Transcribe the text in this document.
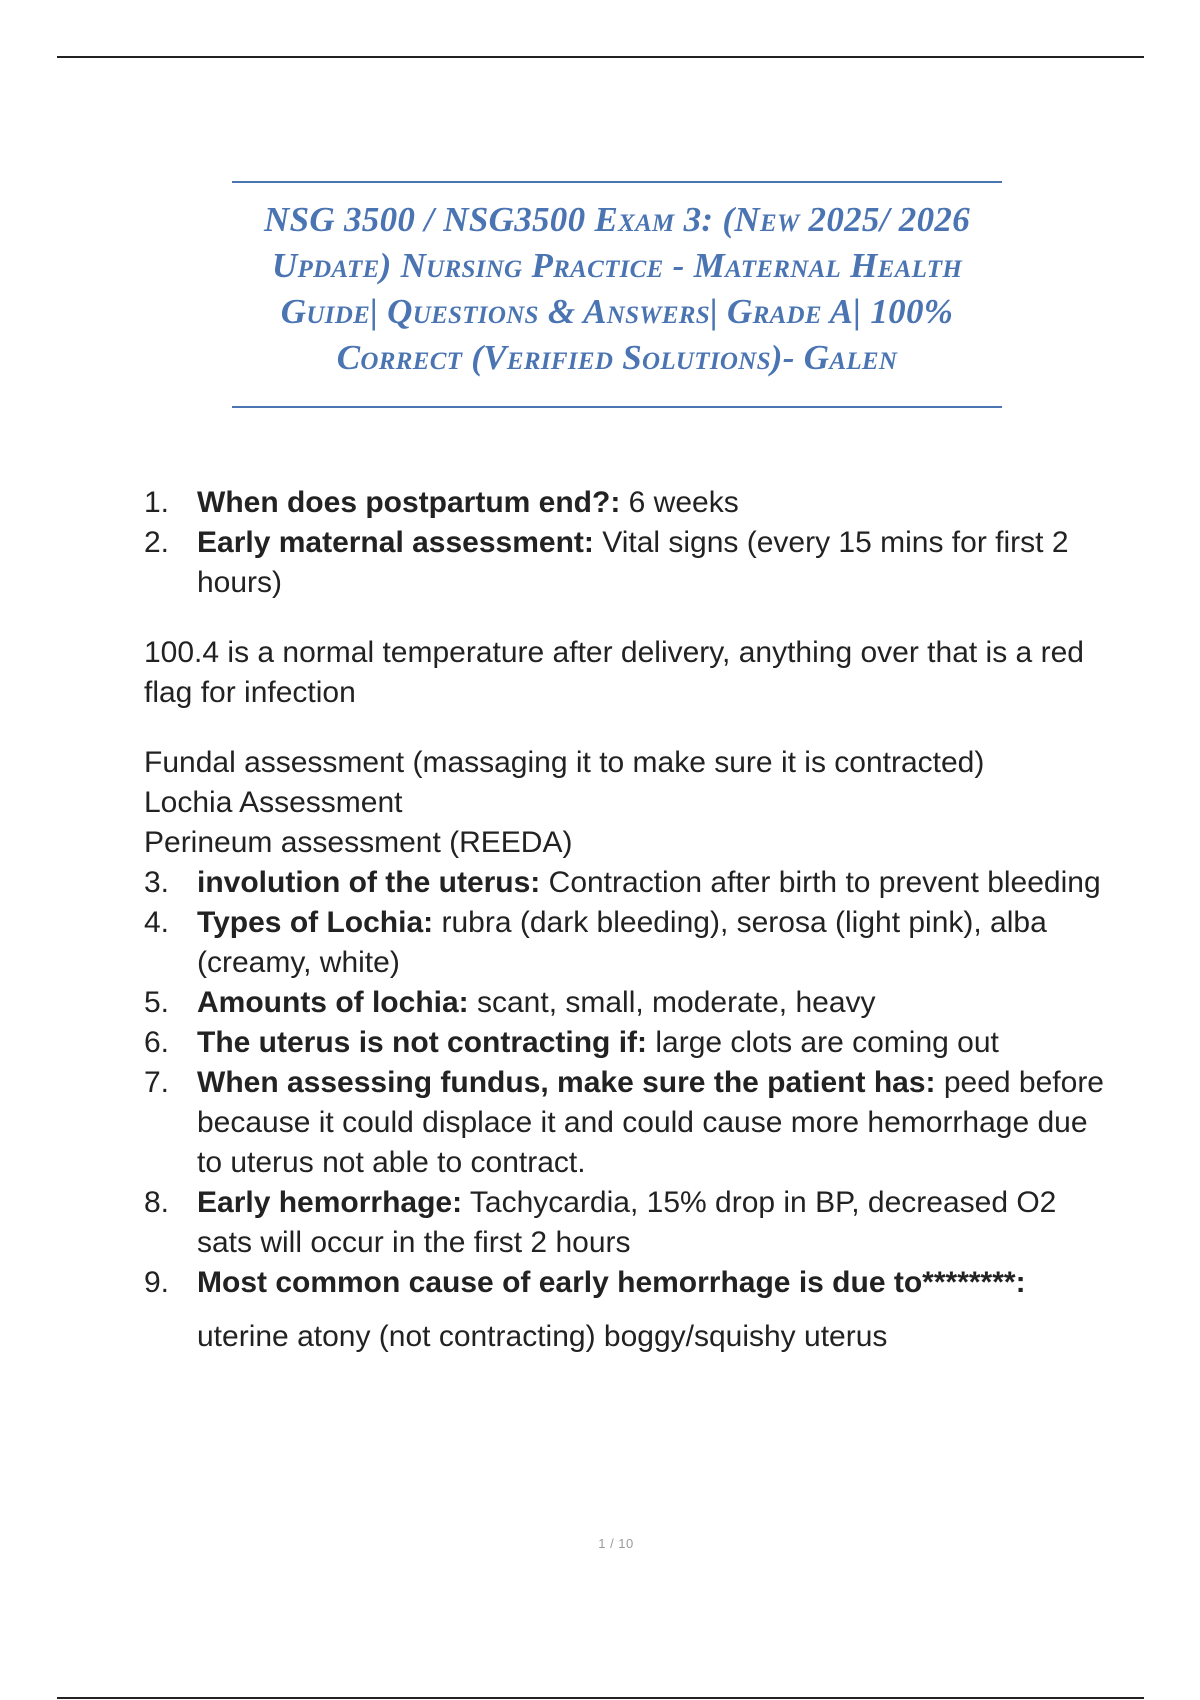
NSG 3500 / NSG3500 Exam 3: (New 2025/ 2026 Update) Nursing Practice - Maternal Health Guide| Questions & Answers| Grade A| 100% Correct (Verified Solutions)- Galen
1. When does postpartum end?: 6 weeks
2. Early maternal assessment: Vital signs (every 15 mins for first 2 hours)

100.4 is a normal temperature after delivery, anything over that is a red flag for infection

Fundal assessment (massaging it to make sure it is contracted)

Lochia Assessment

Perineum assessment (REEDA)

3. involution of the uterus: Contraction after birth to prevent bleeding
4. Types of Lochia: rubra (dark bleeding), serosa (light pink), alba (creamy, white)
5. Amounts of lochia: scant, small, moderate, heavy
6. The uterus is not contracting if: large clots are coming out
7. When assessing fundus, make sure the patient has: peed before because it could displace it and could cause more hemorrhage due to uterus not able to contract.
8. Early hemorrhage: Tachycardia, 15% drop in BP, decreased O2 sats will occur in the first 2 hours
9. Most common cause of early hemorrhage is due to********:
uterine atony (not contracting) boggy/squishy uterus
1 / 10
